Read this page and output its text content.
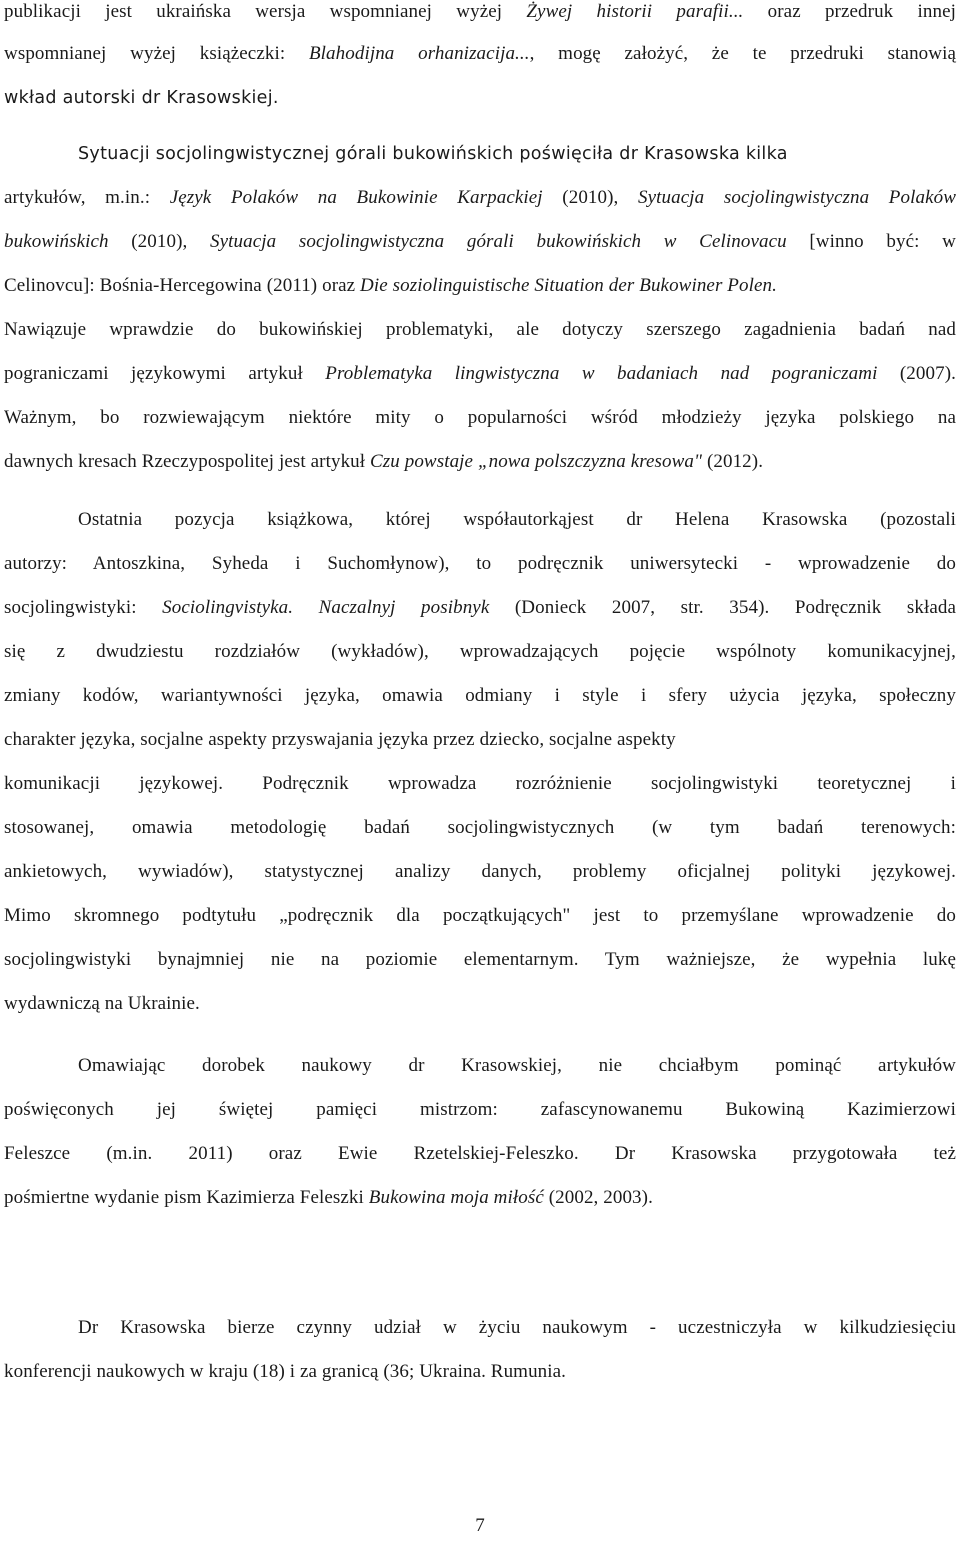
publikacji jest ukraińska wersja wspomnianej wyżej Żywej historii parafii... oraz przedruk innej
wspomnianej wyżej książeczki: Blahodijna orhanizacija..., mogę założyć, że te przedruki stanowią
wkład autorski dr Krasowskiej.
Sytuacji socjolingwistycznej górali bukowińskich poświęciła dr Krasowska kilka
artykułów, m.in.: Język Polaków na Bukowinie Karpackiej (2010), Sytuacja socjolingwistyczna Polaków
bukowińskich (2010), Sytuacja socjolingwistyczna górali bukowińskich w Celinovacu [winno być: w
Celinovcu]: Bośnia-Hercegowina (2011) oraz Die soziolinguistische Situation der Bukowiner Polen.
Nawiązuje wprawdzie do bukowińskiej problematyki, ale dotyczy szerszego zagadnienia badań nad
pograniczami językowymi artykuł Problematyka lingwistyczna w badaniach nad pograniczami (2007).
Ważnym, bo rozwiewającym niektóre mity o popularności wśród młodzieży języka polskiego na
dawnych kresach Rzeczypospolitej jest artykuł Czu powstaje „nowa polszczyzna kresowa" (2012).
Ostatnia pozycja książkowa, której współautorkąjest dr Helena Krasowska (pozostali
autorzy: Antoszkina, Syheda i Suchomłynow), to podręcznik uniwersytecki - wprowadzenie do
socjolingwistyki: Sociolingvistyka. Naczalnyj posibnyk (Donieck 2007, str. 354). Podręcznik składa
się z dwudziestu rozdziałów (wykładów), wprowadzających pojęcie wspólnoty komunikacyjnej,
zmiany kodów, wariantywności języka, omawia odmiany i style i sfery użycia języka, społeczny
charakter języka, socjalne aspekty przyswajania języka przez dziecko, socjalne aspekty
komunikacji językowej. Podręcznik wprowadza rozróżnienie socjolingwistyki teoretycznej i
stosowanej, omawia metodologię badań socjolingwistycznych (w tym badań terenowych:
ankietowych, wywiadów), statystycznej analizy danych, problemy oficjalnej polityki językowej.
Mimo skromnego podtytułu „podręcznik dla początkujących" jest to przemyślane wprowadzenie do
socjolingwistyki bynajmniej nie na poziomie elementarnym. Tym ważniejsze, że wypełnia lukę
wydawniczą na Ukrainie.
Omawiając dorobek naukowy dr Krasowskiej, nie chciałbym pominąć artykułów
poświęconych jej świętej pamięci mistrzom: zafascynowanemu Bukowiną Kazimierzowi
Feleszce (m.in. 2011) oraz Ewie Rzetelskiej-Feleszko. Dr Krasowska przygotowała też
pośmiertne wydanie pism Kazimierza Feleszki Bukowina moja miłość (2002, 2003).
Dr Krasowska bierze czynny udział w życiu naukowym - uczestniczyła w kilkudziesięciu
konferencji naukowych w kraju (18) i za granicą (36; Ukraina. Rumunia.
7
